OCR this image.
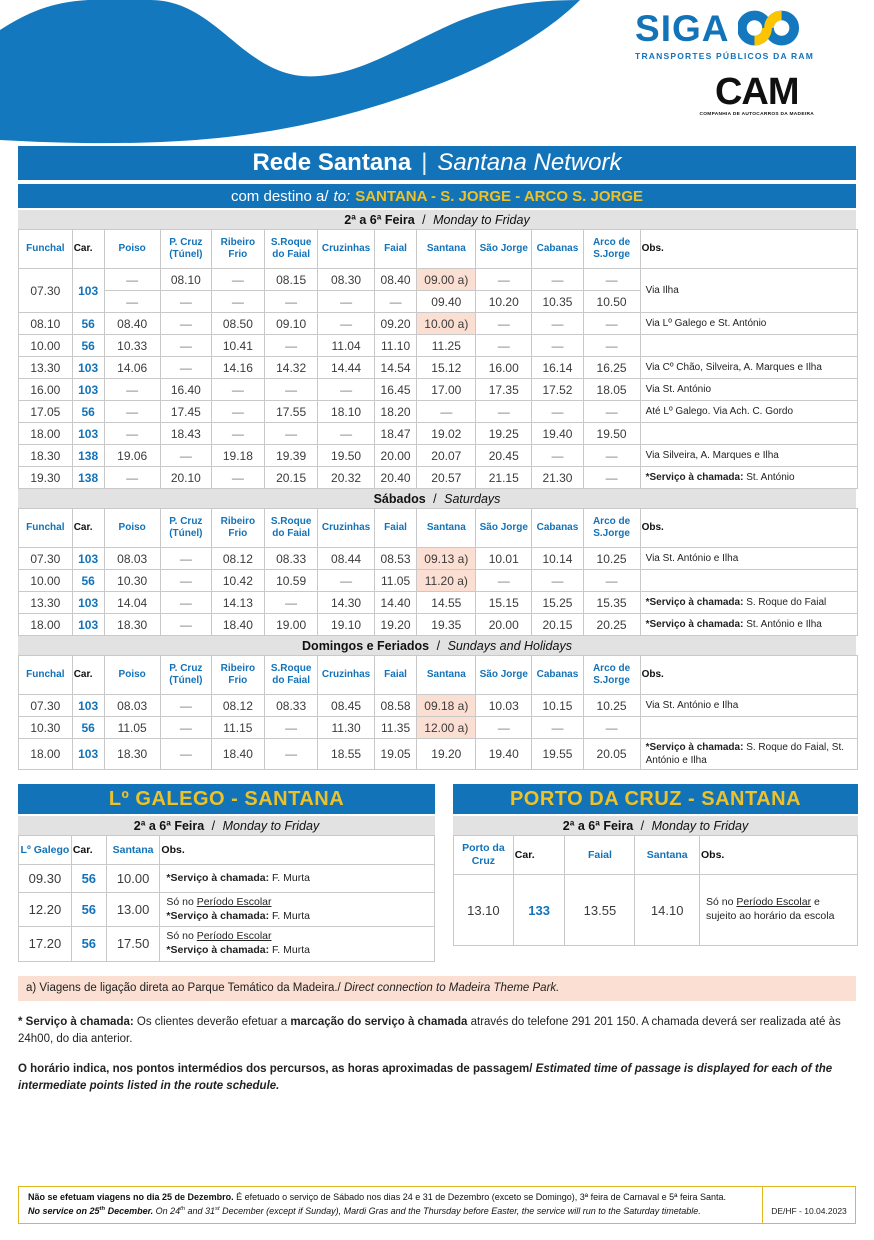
SIGA
TRANSPORTES PÚBLICOS DA RAM
CAM
COMPANHIA DE AUTOCARROS DA MADEIRA
Rede Santana | Santana Network
com destino a/ to: SANTANA - S. JORGE - ARCO S. JORGE
2ª a 6ª Feira / Monday to Friday
Funchal	Car.	Poiso	P. Cruz (Túnel)	Ribeiro Frio	S.Roque do Faial	Cruzinhas	Faial	Santana	São Jorge	Cabanas	Arco de S.Jorge	Obs.
07.30	103	—	08.10	—	08.15	08.30	08.40	09.00 a)	—	—	—	Via Ilha
		—	—	—	—	—	—	09.40	10.20	10.35	10.50	
08.10	56	08.40	—	08.50	09.10	—	09.20	10.00 a)	—	—	—	Via Lº Galego e St. António
10.00	56	10.33	—	10.41	—	11.04	11.10	11.25	—	—	—	
13.30	103	14.06	—	14.16	14.32	14.44	14.54	15.12	16.00	16.14	16.25	Via Cº Chão, Silveira, A. Marques e Ilha
16.00	103	—	16.40	—	—	—	16.45	17.00	17.35	17.52	18.05	Via St. António
17.05	56	—	17.45	—	17.55	18.10	18.20	—	—	—	—	Até Lº Galego. Via Ach. C. Gordo
18.00	103	—	18.43	—	—	—	18.47	19.02	19.25	19.40	19.50	
18.30	138	19.06	—	19.18	19.39	19.50	20.00	20.07	20.45	—	—	Via Silveira, A. Marques e Ilha
19.30	138	—	20.10	—	20.15	20.32	20.40	20.57	21.15	21.30	—	*Serviço à chamada: St. António
Sábados / Saturdays
Funchal	Car.	Poiso	P. Cruz (Túnel)	Ribeiro Frio	S.Roque do Faial	Cruzinhas	Faial	Santana	São Jorge	Cabanas	Arco de S.Jorge	Obs.
07.30	103	08.03	—	08.12	08.33	08.44	08.53	09.13 a)	10.01	10.14	10.25	Via St. António e Ilha
10.00	56	10.30	—	10.42	10.59	—	11.05	11.20 a)	—	—	—	
13.30	103	14.04	—	14.13	—	14.30	14.40	14.55	15.15	15.25	15.35	*Serviço à chamada: S. Roque do Faial
18.00	103	18.30	—	18.40	19.00	19.10	19.20	19.35	20.00	20.15	20.25	*Serviço à chamada: St. António e Ilha
Domingos e Feriados / Sundays and Holidays
Funchal	Car.	Poiso	P. Cruz (Túnel)	Ribeiro Frio	S.Roque do Faial	Cruzinhas	Faial	Santana	São Jorge	Cabanas	Arco de S.Jorge	Obs.
07.30	103	08.03	—	08.12	08.33	08.45	08.58	09.18 a)	10.03	10.15	10.25	Via St. António e Ilha
10.30	56	11.05	—	11.15	—	11.30	11.35	12.00 a)	—	—	—	
18.00	103	18.30	—	18.40	—	18.55	19.05	19.20	19.40	19.55	20.05	*Serviço à chamada: S. Roque do Faial, St. António e Ilha
Lº GALEGO - SANTANA
2ª a 6ª Feira / Monday to Friday
Lº Galego	Car.	Santana	Obs.
09.30	56	10.00	*Serviço à chamada: F. Murta
12.20	56	13.00	Só no Período Escolar
*Serviço à chamada: F. Murta
17.20	56	17.50	Só no Período Escolar
*Serviço à chamada: F. Murta
PORTO DA CRUZ - SANTANA
2ª a 6ª Feira / Monday to Friday
Porto da Cruz	Car.	Faial	Santana	Obs.
13.10	133	13.55	14.10	Só no Período Escolar e sujeito ao horário da escola
a) Viagens de ligação direta ao Parque Temático da Madeira./ Direct connection to Madeira Theme Park.
* Serviço à chamada: Os clientes deverão efetuar a marcação do serviço à chamada através do telefone 291 201 150. A chamada deverá ser realizada até às 24h00, do dia anterior.
O horário indica, nos pontos intermédios dos percursos, as horas aproximadas de passagem/ Estimated time of passage is displayed for each of the intermediate points listed in the route schedule.
Não se efetuam viagens no dia 25 de Dezembro. É efetuado o serviço de Sábado nos dias 24 e 31 de Dezembro (exceto se Domingo), 3ª feira de Carnaval e 5ª feira Santa.
No service on 25th December. On 24th and 31st December (except if Sunday), Mardi Gras and the Thursday before Easter, the service will run to the Saturday timetable.	DE/HF - 10.04.2023
